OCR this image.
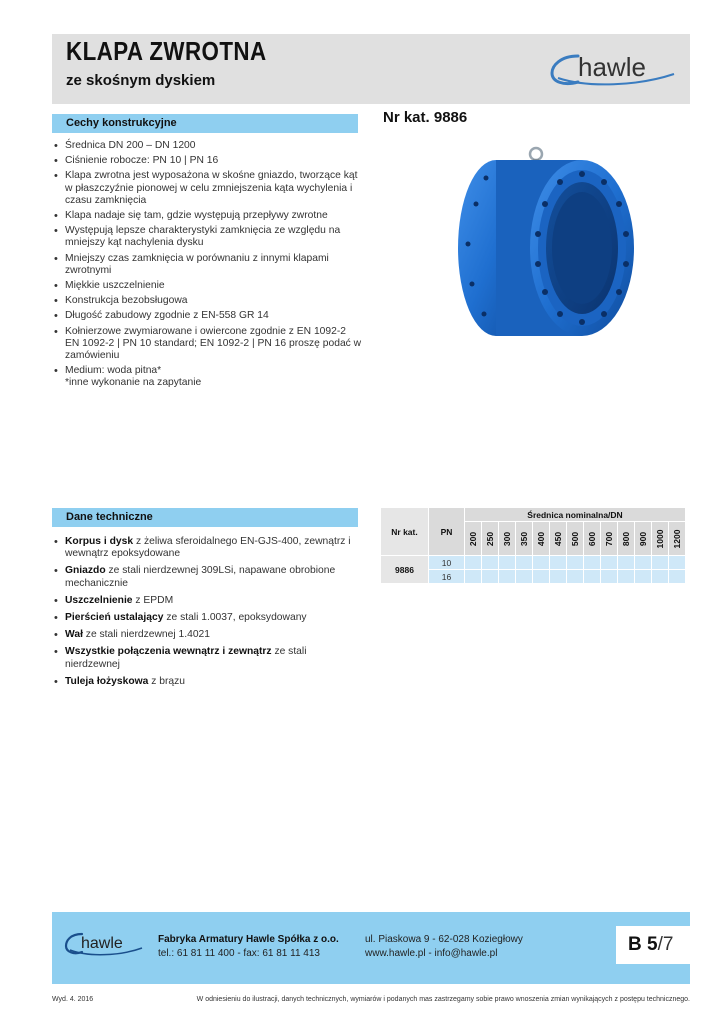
KLAPA ZWROTNA
ze skośnym dyskiem	hawle
Cechy konstrukcyjne	Nr kat. 9886
• Średnica DN 200 – DN 1200
• Ciśnienie robocze: PN 10 | PN 16
• Klapa zwrotna jest wyposażona w skośne gniazdo, tworzące kąt w płaszczyźnie pionowej w celu zmniejszenia kąta wychylenia i czasu zamknięcia
• Klapa nadaje się tam, gdzie występują przepływy zwrotne
• Występują lepsze charakterystyki zamknięcia ze względu na mniejszy kąt nachylenia dysku
• Mniejszy czas zamknięcia w porównaniu z innymi klapami zwrotnymi
• Miękkie uszczelnienie
• Konstrukcja bezobsługowa
• Długość zabudowy zgodnie z EN-558 GR 14
• Kołnierzowe zwymiarowane i owiercone zgodnie z EN 1092-2 EN 1092-2 | PN 10 standard; EN 1092-2 | PN 16 proszę podać w zamówieniu
• Medium: woda pitna*
*inne wykonanie na zapytanie
Dane techniczne
• Korpus i dysk z żeliwa sferoidalnego EN-GJS-400, zewnątrz i wewnątrz epoksydowane
• Gniazdo ze stali nierdzewnej 309LSi, napawane obrobione mechanicznie
• Uszczelnienie z EPDM
• Pierścień ustalający ze stali 1.0037, epoksydowany
• Wał ze stali nierdzewnej 1.4021
• Wszystkie połączenia wewnątrz i zewnątrz ze stali nierdzewnej
• Tuleja łożyskowa z brązu
Nr kat.	PN	Średnica nominalna/DN												

		200	250	300	350	400	450	500	600	700	800	900	1000	1200

9886	10													
	16													
hawle	Fabryka Armatury Hawle Spółka z o.o.
tel.: 61 81 11 400 - fax: 61 81 11 413
ul. Piaskowa 9 - 62-028 Koziegłowy
www.hawle.pl - info@hawle.pl	B 5/7
Wyd. 4. 2016	W odniesieniu do ilustracji, danych technicznych, wymiarów i podanych mas zastrzegamy sobie prawo wnoszenia zmian wynikających z postępu technicznego.
